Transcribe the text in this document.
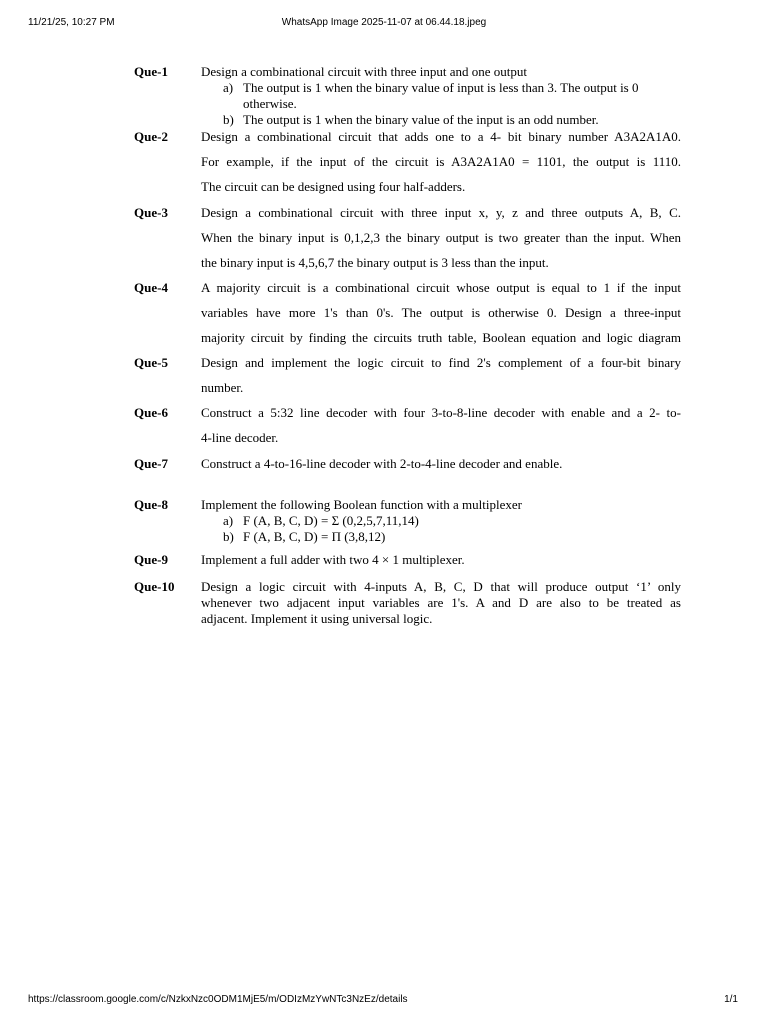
11/21/25, 10:27 PM	WhatsApp Image 2025-11-07 at 06.44.18.jpeg
Que-1	Design a combinational circuit with three input and one output
a) The output is 1 when the binary value of input is less than 3. The output is 0
otherwise.
b) The output is 1 when the binary value of the input is an odd number.
Que-2	Design a combinational circuit that adds one to a 4- bit binary number A3A2A1A0.
For example, if the input of the circuit is A3A2A1A0 = 1101, the output is 1110.
The circuit can be designed using four half-adders.
Que-3	Design a combinational circuit with three input x, y, z and three outputs A, B, C.
When the binary input is 0,1,2,3 the binary output is two greater than the input. When
the binary input is 4,5,6,7 the binary output is 3 less than the input.
Que-4	A majority circuit is a combinational circuit whose output is equal to 1 if the input
variables have more 1's than 0's. The output is otherwise 0. Design a three-input
majority circuit by finding the circuits truth table, Boolean equation and logic diagram
Que-5	Design and implement the logic circuit to find 2's complement of a four-bit binary
number.
Que-6	Construct a 5:32 line decoder with four 3-to-8-line decoder with enable and a 2- to-
4-line decoder.
Que-7	Construct a 4-to-16-line decoder with 2-to-4-line decoder and enable.
Que-8	Implement the following Boolean function with a multiplexer
a) F (A, B, C, D) = Σ (0,2,5,7,11,14)
b) F (A, B, C, D) = Π (3,8,12)
Que-9	Implement a full adder with two 4 × 1 multiplexer.
Que-10 Design a logic circuit with 4-inputs A, B, C, D that will produce output ‘1’ only
whenever two adjacent input variables are 1's. A and D are also to be treated as
adjacent. Implement it using universal logic.
https://classroom.google.com/c/NzkxNzc0ODM1MjE5/m/ODIzMzYwNTc3NzEz/details	1/1
